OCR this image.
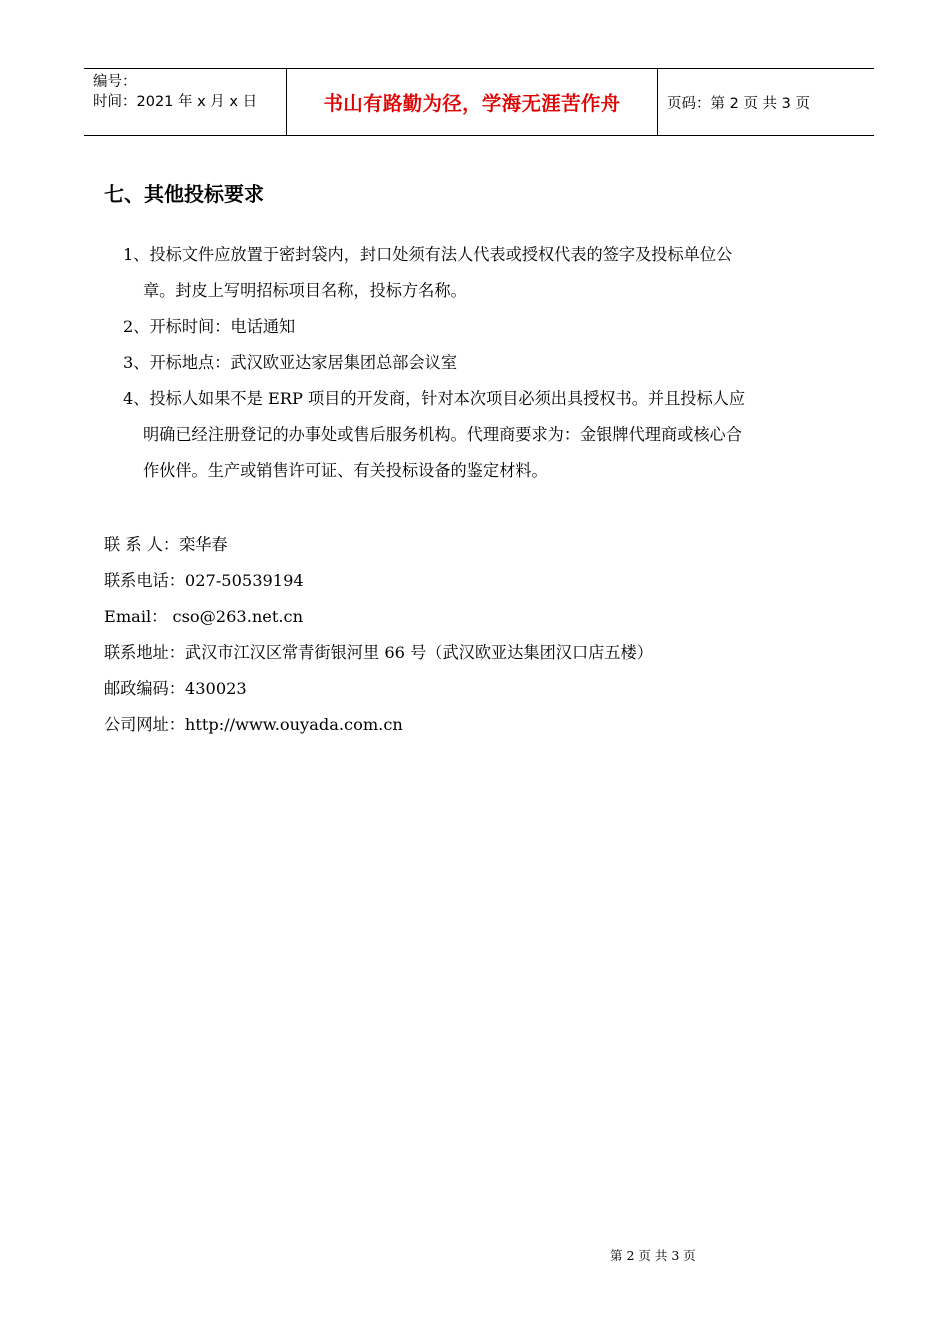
编号：
时间：2021 年 x 月 x 日	书山有路勤为径，学海无涯苦作舟	页码：第 2 页 共 3 页
七、其他投标要求
1、投标文件应放置于密封袋内，封口处须有法人代表或授权代表的签字及投标单位公
章。封皮上写明招标项目名称，投标方名称。
2、开标时间：电话通知
3、开标地点：武汉欧亚达家居集团总部会议室
4、投标人如果不是 ERP 项目的开发商，针对本次项目必须出具授权书。并且投标人应
明确已经注册登记的办事处或售后服务机构。代理商要求为：金银牌代理商或核心合
作伙伴。生产或销售许可证、有关投标设备的鉴定材料。
联 系 人：栾华春
联系电话：027-50539194
Email： cso@263.net.cn
联系地址：武汉市江汉区常青街银河里 66 号（武汉欧亚达集团汉口店五楼）
邮政编码：430023
公司网址：http://www.ouyada.com.cn
第 2 页 共 3 页
